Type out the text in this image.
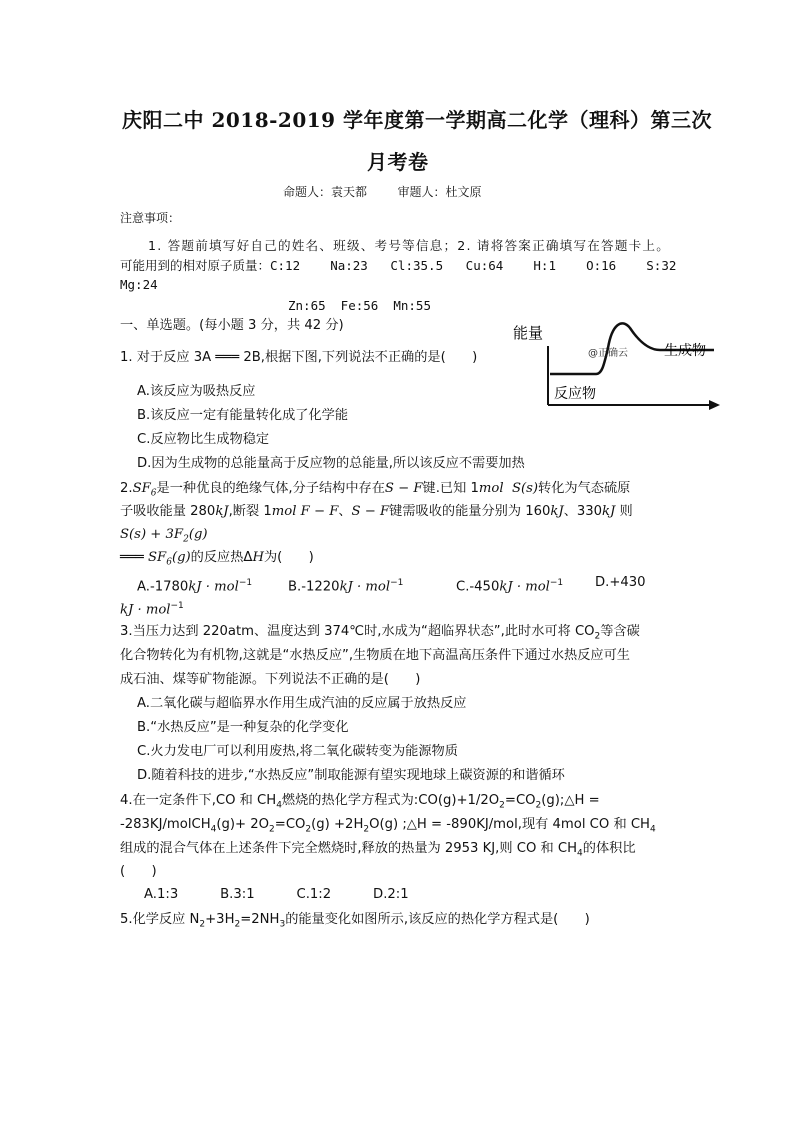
庆阳二中 2018-2019 学年度第一学期高二化学（理科）第三次
月考卷
命题人：袁天都        审题人：杜文原
注意事项：
1. 答题前填写好自己的姓名、班级、考号等信息；2. 请将答案正确填写在答题卡上。
可能用到的相对原子质量：C:12    Na:23   Cl:35.5   Cu:64    H:1    O:16    S:32
Mg:24
Zn:65  Fe:56  Mn:55
一、单选题。(每小题 3 分，共 42 分)	能量
反应物
生成物
@正确云
1. 对于反应 3A ═══ 2B,根据下图,下列说法不正确的是(　　)
A.该反应为吸热反应
B.该反应一定有能量转化成了化学能
C.反应物比生成物稳定
D.因为生成物的总能量高于反应物的总能量,所以该反应不需要加热
$2.SF_6$是一种优良的绝缘气体,分子结构中存在S − F键.已知 1mol S(s)转化为气态硫原
子吸收能量 280kJ,断裂 1mol F − F、S − F键需吸收的能量分别为 160kJ、330kJ 则
$S(s) + 3F_2(g)$
═══ $SF_6(g)$的反应热ΔH为(　　)
A.-1780kJ · mol$^{-1}$	B.-1220kJ · mol$^{-1}$	C.-450kJ · mol$^{-1}$ D.+430
kJ · mol$^{-1}$
3.当压力达到 220atm、温度达到 374℃时,水成为“超临界状态”,此时水可将 $CO_2$等含碳
化合物转化为有机物,这就是“水热反应”,生物质在地下高温高压条件下通过水热反应可生
成石油、煤等矿物能源。下列说法不正确的是(　　)
A.二氧化碳与超临界水作用生成汽油的反应属于放热反应
B.“水热反应”是一种复杂的化学变化
C.火力发电厂可以利用废热,将二氧化碳转变为能源物质
D.随着科技的进步,“水热反应”制取能源有望实现地球上碳资源的和谐循环
4.在一定条件下,CO 和 $CH_4$燃烧的热化学方程式为$:CO(g)+1/2O_2=CO_2(g);\triangle H$ =
-283KJ/molCH$_4$(g)+ $2O_2=CO_2(g) +2H_2O(g)$ ;△H = -890KJ/mol,现有 4mol CO 和 $CH_4$
组成的混合气体在上述条件下完全燃烧时,释放的热量为 2953 KJ,则 CO 和 $CH_4$的体积比
(　　)
A.1:3          B.3:1          C.1:2          D.2:1
5.化学反应 $N_2+3H_2=2NH_3$的能量变化如图所示,该反应的热化学方程式是(　　)
